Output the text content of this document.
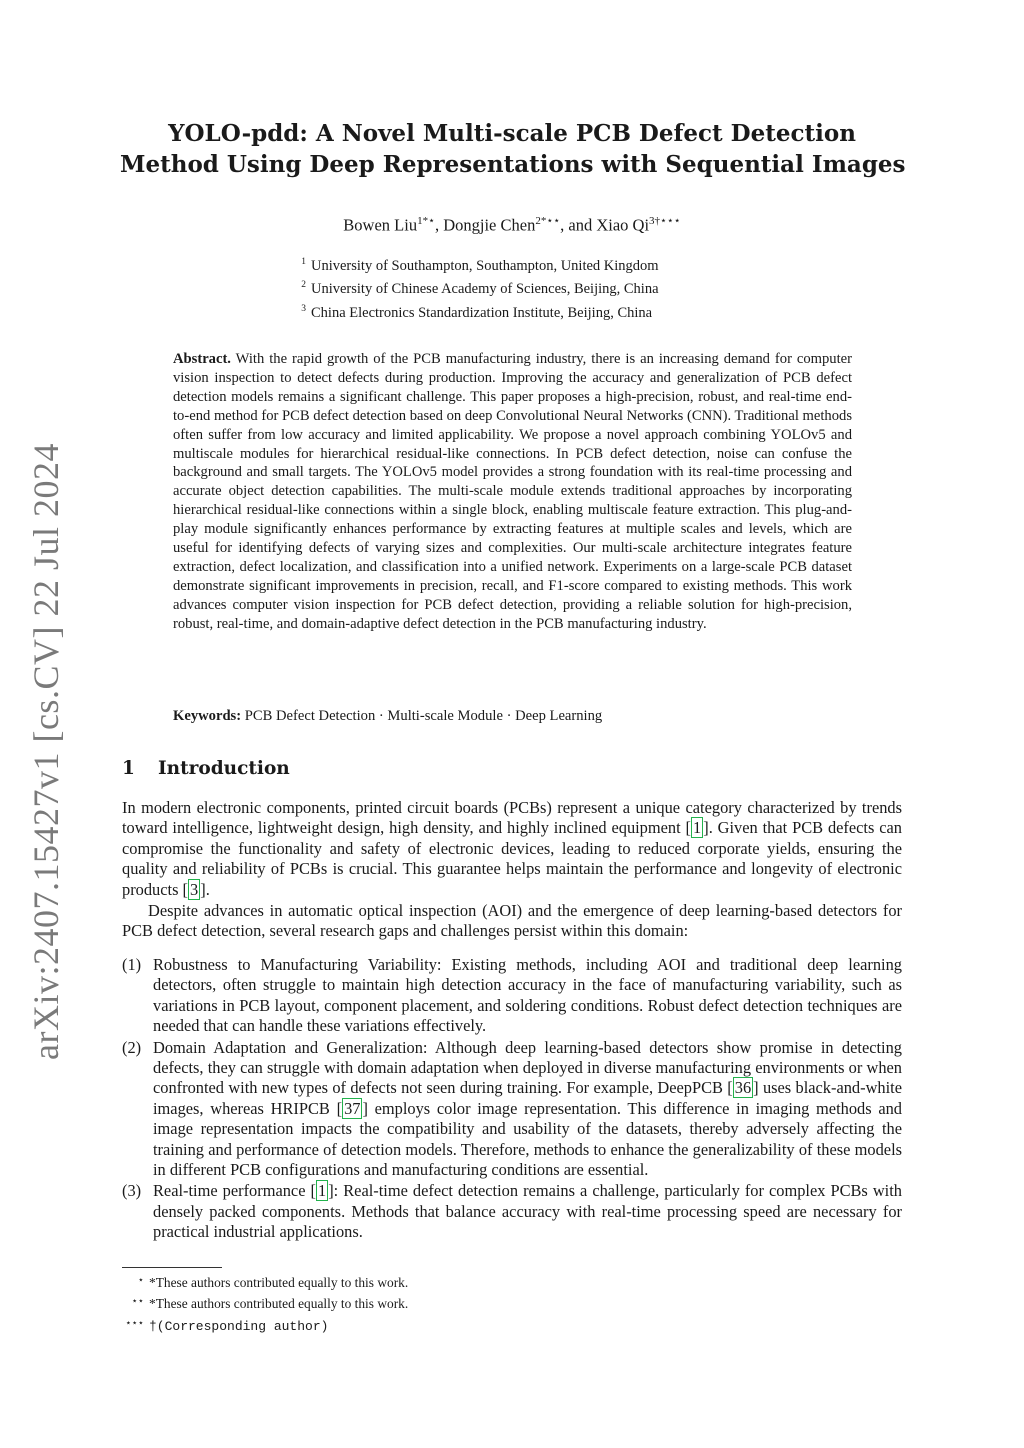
arXiv:2407.15427v1 [cs.CV] 22 Jul 2024
YOLO-pdd: A Novel Multi-scale PCB Defect Detection
Method Using Deep Representations with Sequential Images
Bowen Liu$^{1*⋆}$, Dongjie Chen$^{2*⋆⋆}$, and Xiao $Qi^{3\dagger⋆⋆⋆}$
$^1$ University of Southampton, Southampton, United Kingdom
$^2$ University of Chinese Academy of Sciences, Beijing, China
$^3$ China Electronics Standardization Institute, Beijing, China
Abstract. With the rapid growth of the PCB manufacturing industry, there is an increasing demand for computer vision inspection to detect defects during production. Improving the accuracy and generalization of PCB defect detection models remains a significant challenge. This paper proposes a high-precision, robust, and real-time end-to-end method for PCB defect detection based on deep Convolutional Neural Networks (CNN). Traditional methods often suffer from low accuracy and limited applicability. We propose a novel approach combining YOLOv5 and multiscale modules for hierarchical residual-like connections. In PCB defect detection, noise can confuse the background and small targets. The YOLOv5 model provides a strong foundation with its real-time processing and accurate object detection capabilities. The multi-scale module extends traditional approaches by incorporating hierarchical residual-like connections within a single block, enabling multiscale feature extraction. This plug-and-play module significantly enhances performance by extracting features at multiple scales and levels, which are useful for identifying defects of varying sizes and complexities. Our multi-scale architecture integrates feature extraction, defect localization, and classification into a unified network. Experiments on a large-scale PCB dataset demonstrate significant improvements in precision, recall, and F1-score compared to existing methods. This work advances computer vision inspection for PCB defect detection, providing a reliable solution for high-precision, robust, real-time, and domain-adaptive defect detection in the PCB manufacturing industry.
Keywords: PCB Defect Detection · Multi-scale Module · Deep Learning
1 Introduction
In modern electronic components, printed circuit boards (PCBs) represent a unique category characterized by trends toward intelligence, lightweight design, high density, and highly inclined equipment [ 1 ]. Given that PCB defects can compromise the functionality and safety of electronic devices, leading to reduced corporate yields, ensuring the quality and reliability of PCBs is crucial. This guarantee helps maintain the performance and longevity of electronic products [ 3 ].
Despite advances in automatic optical inspection (AOI) and the emergence of deep learning-based detectors for PCB defect detection, several research gaps and challenges persist within this domain:
(1) Robustness to Manufacturing Variability: Existing methods, including AOI and traditional deep learning detectors, often struggle to maintain high detection accuracy in the face of manufacturing variability, such as variations in PCB layout, component placement, and soldering conditions. Robust defect detection techniques are needed that can handle these variations effectively.
(2) Domain Adaptation and Generalization: Although deep learning-based detectors show promise in detecting defects, they can struggle with domain adaptation when deployed in diverse manufacturing environments or when confronted with new types of defects not seen during training. For example, DeepPCB [ 36 ] uses black-and-white images, whereas HRIPCB [ 37 ] employs color image representation. This difference in imaging methods and image representation impacts the compatibility and usability of the datasets, thereby adversely affecting the training and performance of detection models. Therefore, methods to enhance the generalizability of these models in different PCB configurations and manufacturing conditions are essential.
(3) Real-time performance [ 1 ]: Real-time defect detection remains a challenge, particularly for complex PCBs with densely packed components. Methods that balance accuracy with real-time processing speed are necessary for practical industrial applications.
⋆ *These authors contributed equally to this work.
⋆⋆ *These authors contributed equally to this work.
⋆⋆⋆ †(Corresponding author)
